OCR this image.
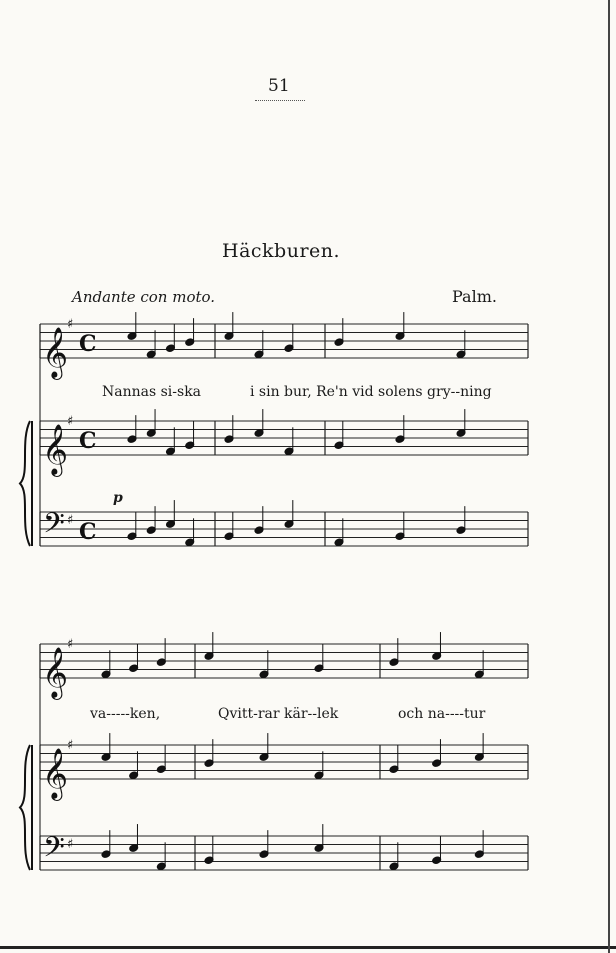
51
Häckburen.
Andante con moto.	Palm.
𝄞
♯
C
𝄞
♯
C
𝄢 ♯ C
𝄞
♯
𝄞
♯
𝄢 ♯
Nannas si-ska	i sin bur, Re'n vid solens gry--ning
p
va-----ken,	Qvitt-rar kär--lek	och na----tur
